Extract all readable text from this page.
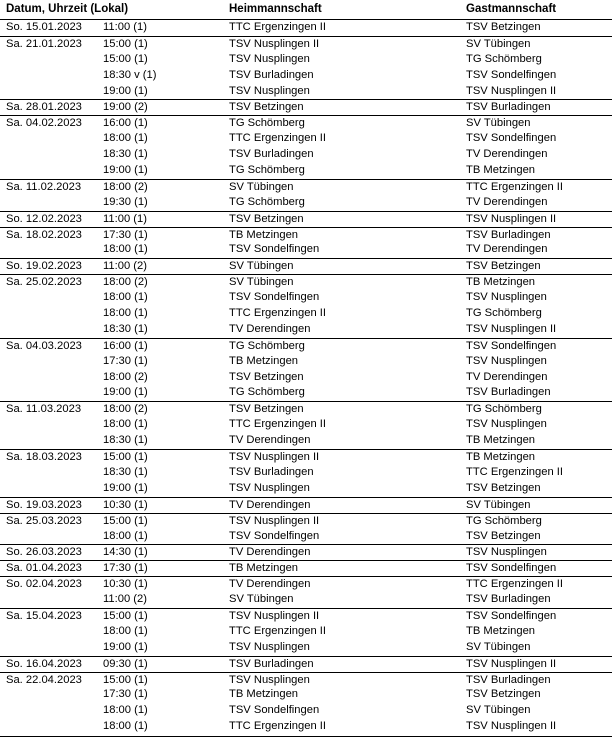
Datum, Uhrzeit (Lokal)	Heimmannschaft	Gastmannschaft
So. 15.01.2023 11:00 (1)	TTC Ergenzingen II	TSV Betzingen
Sa. 21.01.2023 15:00 (1)	TSV Nusplingen II	SV Tübingen
15:00 (1)	TSV Nusplingen	TG Schömberg
18:30 v (1)	TSV Burladingen	TSV Sondelfingen
19:00 (1)	TSV Nusplingen	TSV Nusplingen II
Sa. 28.01.2023 19:00 (2)	TSV Betzingen	TSV Burladingen
Sa. 04.02.2023 16:00 (1)	TG Schömberg	SV Tübingen
18:00 (1)	TTC Ergenzingen II	TSV Sondelfingen
18:30 (1)	TSV Burladingen	TV Derendingen
19:00 (1)	TG Schömberg	TB Metzingen
Sa. 11.02.2023 18:00 (2)	SV Tübingen	TTC Ergenzingen II
19:30 (1)	TG Schömberg	TV Derendingen
So. 12.02.2023 11:00 (1)	TSV Betzingen	TSV Nusplingen II
Sa. 18.02.2023 17:30 (1)	TB Metzingen	TSV Burladingen
18:00 (1)	TSV Sondelfingen	TV Derendingen
So. 19.02.2023 11:00 (2)	SV Tübingen	TSV Betzingen
Sa. 25.02.2023 18:00 (2)	SV Tübingen	TB Metzingen
18:00 (1)	TSV Sondelfingen	TSV Nusplingen
18:00 (1)	TTC Ergenzingen II	TG Schömberg
18:30 (1)	TV Derendingen	TSV Nusplingen II
Sa. 04.03.2023 16:00 (1)	TG Schömberg	TSV Sondelfingen
17:30 (1)	TB Metzingen	TSV Nusplingen
18:00 (2)	TSV Betzingen	TV Derendingen
19:00 (1)	TG Schömberg	TSV Burladingen
Sa. 11.03.2023 18:00 (2)	TSV Betzingen	TG Schömberg
18:00 (1)	TTC Ergenzingen II	TSV Nusplingen
18:30 (1)	TV Derendingen	TB Metzingen
Sa. 18.03.2023 15:00 (1)	TSV Nusplingen II	TB Metzingen
18:30 (1)	TSV Burladingen	TTC Ergenzingen II
19:00 (1)	TSV Nusplingen	TSV Betzingen
So. 19.03.2023 10:30 (1)	TV Derendingen	SV Tübingen
Sa. 25.03.2023 15:00 (1)	TSV Nusplingen II	TG Schömberg
18:00 (1)	TSV Sondelfingen	TSV Betzingen
So. 26.03.2023 14:30 (1)	TV Derendingen	TSV Nusplingen
Sa. 01.04.2023 17:30 (1)	TB Metzingen	TSV Sondelfingen
So. 02.04.2023 10:30 (1)	TV Derendingen	TTC Ergenzingen II
11:00 (2)	SV Tübingen	TSV Burladingen
Sa. 15.04.2023 15:00 (1)	TSV Nusplingen II	TSV Sondelfingen
18:00 (1)	TTC Ergenzingen II	TB Metzingen
19:00 (1)	TSV Nusplingen	SV Tübingen
So. 16.04.2023 09:30 (1)	TSV Burladingen	TSV Nusplingen II
Sa. 22.04.2023 15:00 (1)	TSV Nusplingen	TSV Burladingen
17:30 (1)	TB Metzingen	TSV Betzingen
18:00 (1)	TSV Sondelfingen	SV Tübingen
18:00 (1)	TTC Ergenzingen II	TSV Nusplingen II
